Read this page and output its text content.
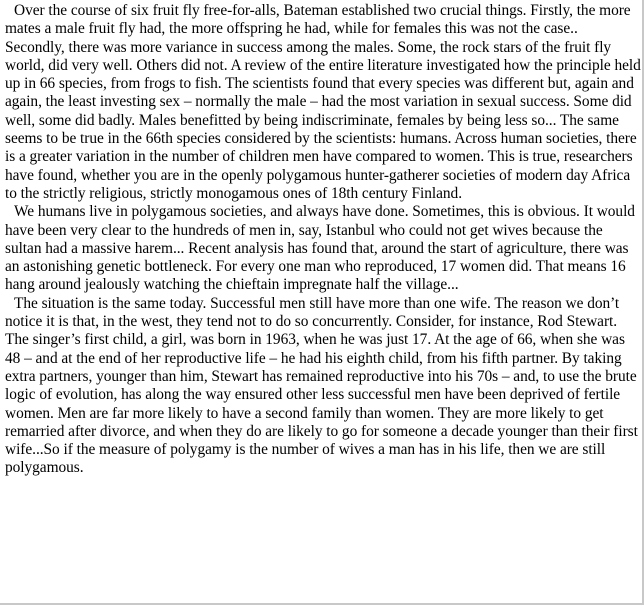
Over the course of six fruit fly free-for-alls, Bateman established two crucial things. Firstly, the more mates a male fruit fly had, the more offspring he had, while for females this was not the case.. Secondly, there was more variance in success among the males. Some, the rock stars of the fruit fly world, did very well. Others did not. A review of the entire literature investigated how the principle held up in 66 species, from frogs to fish. The scientists found that every species was different but, again and again, the least investing sex – normally the male – had the most variation in sexual success. Some did well, some did badly. Males benefitted by being indiscriminate, females by being less so... The same seems to be true in the 66th species considered by the scientists: humans. Across human societies, there is a greater variation in the number of children men have compared to women. This is true, researchers have found, whether you are in the openly polygamous hunter-gatherer societies of modern day Africa to the strictly religious, strictly monogamous ones of 18th century Finland.

We humans live in polygamous societies, and always have done. Sometimes, this is obvious. It would have been very clear to the hundreds of men in, say, Istanbul who could not get wives because the sultan had a massive harem... Recent analysis has found that, around the start of agriculture, there was an astonishing genetic bottleneck. For every one man who reproduced, 17 women did. That means 16 hang around jealously watching the chieftain impregnate half the village...

The situation is the same today. Successful men still have more than one wife. The reason we don’t notice it is that, in the west, they tend not to do so concurrently. Consider, for instance, Rod Stewart. The singer’s first child, a girl, was born in 1963, when he was just 17. At the age of 66, when she was 48 – and at the end of her reproductive life – he had his eighth child, from his fifth partner. By taking extra partners, younger than him, Stewart has remained reproductive into his 70s – and, to use the brute logic of evolution, has along the way ensured other less successful men have been deprived of fertile women. Men are far more likely to have a second family than women. They are more likely to get remarried after divorce, and when they do are likely to go for someone a decade younger than their first wife...So if the measure of polygamy is the number of wives a man has in his life, then we are still polygamous.
